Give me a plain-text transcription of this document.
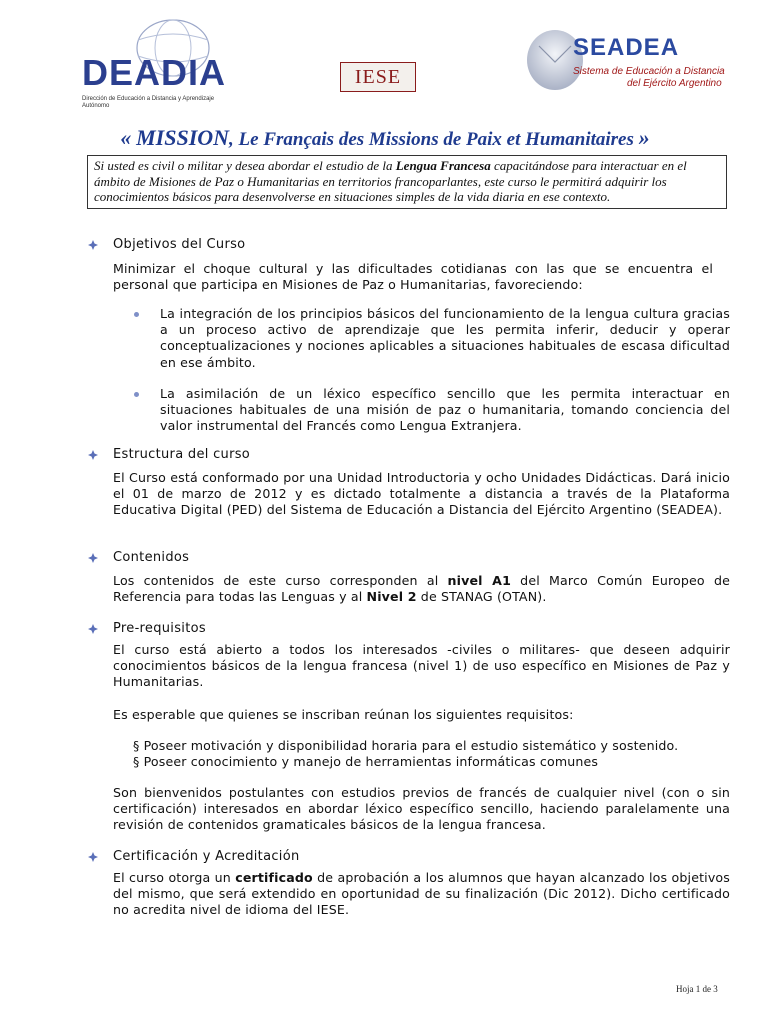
DEADIA
Dirección de Educación a Distancia y Aprendizaje Autónomo
IESE
SEADEA
Sistema de Educación a Distancia
del Ejército Argentino
« MISSION, Le Français des Missions de Paix et Humanitaires »
Si usted es civil o militar y desea abordar el estudio de la Lengua Francesa capacitándose para interactuar en el ámbito de Misiones de Paz o Humanitarias en territorios francoparlantes, este curso le permitirá adquirir los conocimientos básicos para desenvolverse en situaciones simples de la vida diaria en ese contexto.
Objetivos del Curso
Minimizar el choque cultural y las dificultades cotidianas con las que se encuentra el personal que participa en Misiones de Paz o Humanitarias, favoreciendo:
La integración de los principios básicos del funcionamiento de la lengua cultura gracias a un proceso activo de aprendizaje que les permita inferir, deducir y operar conceptualizaciones y nociones aplicables a situaciones habituales de escasa dificultad en ese ámbito.
La asimilación de un léxico específico sencillo que les permita interactuar en situaciones habituales de una misión de paz o humanitaria, tomando conciencia del valor instrumental del Francés como Lengua Extranjera.
Estructura del curso
El Curso está conformado por una Unidad Introductoria y ocho Unidades Didácticas. Dará inicio el 01 de marzo de 2012 y es dictado totalmente a distancia a través de la Plataforma Educativa Digital (PED) del Sistema de Educación a Distancia del Ejército Argentino (SEADEA).
Contenidos
Los contenidos de este curso corresponden al nivel A1 del Marco Común Europeo de Referencia para todas las Lenguas y al Nivel 2 de STANAG (OTAN).
Pre-requisitos
El curso está abierto a todos los interesados -civiles o militares- que deseen adquirir conocimientos básicos de la lengua francesa (nivel 1) de uso específico en Misiones de Paz y Humanitarias.
Es esperable que quienes se inscriban reúnan los siguientes requisitos:
§ Poseer motivación y disponibilidad horaria para el estudio sistemático y sostenido.
§ Poseer conocimiento y manejo de herramientas informáticas comunes
Son bienvenidos postulantes con estudios previos de francés de cualquier nivel (con o sin certificación) interesados en abordar léxico específico sencillo, haciendo paralelamente una revisión de contenidos gramaticales básicos de la lengua francesa.
Certificación y Acreditación
El curso otorga un certificado de aprobación a los alumnos que hayan alcanzado los objetivos del mismo, que será extendido en oportunidad de su finalización (Dic 2012). Dicho certificado no acredita nivel de idioma del IESE.
Hoja 1 de 3
